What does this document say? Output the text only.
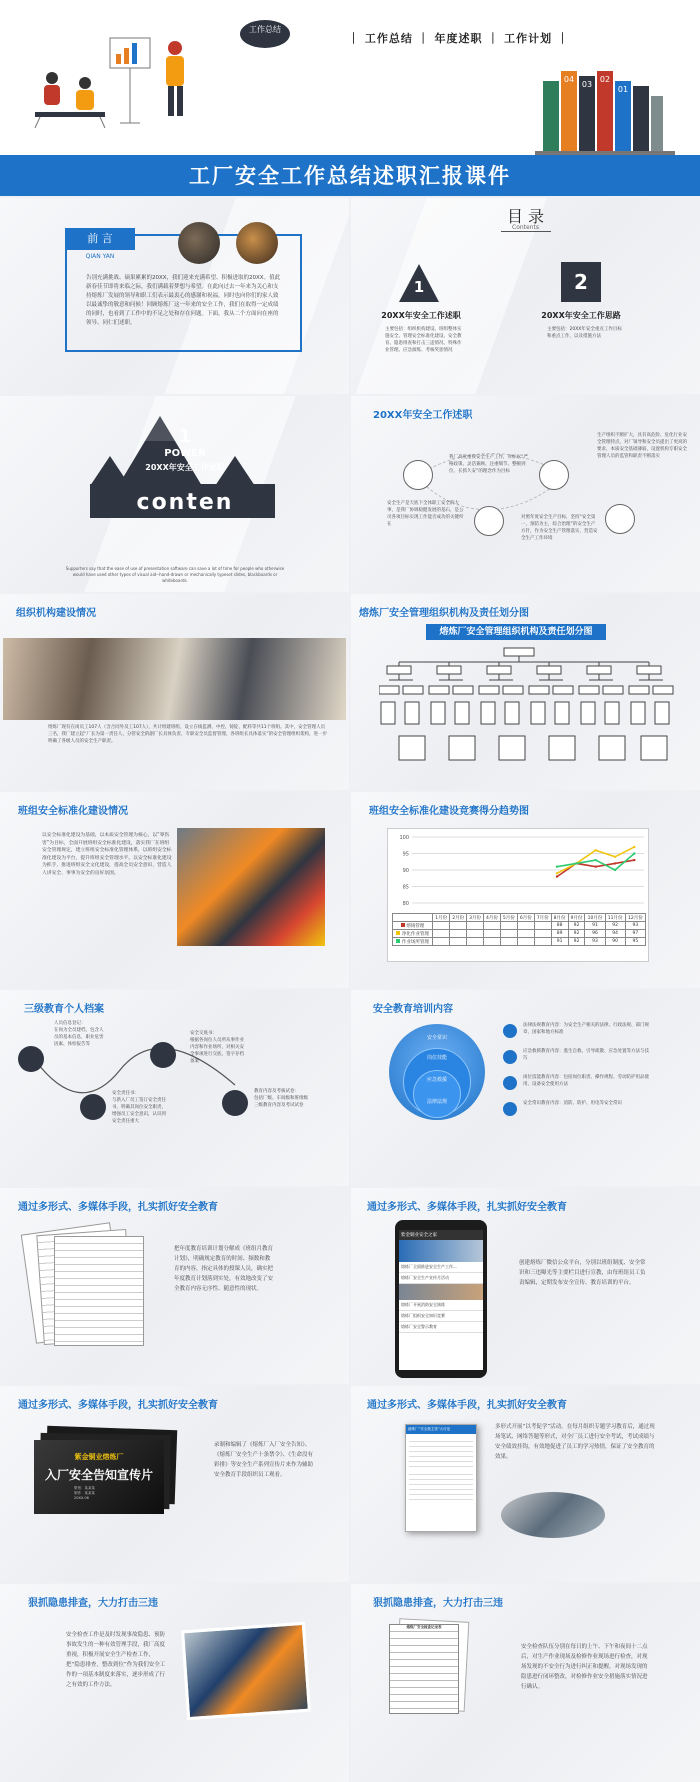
工作总结
｜ 工作总结 ｜ 年度述职 ｜ 工作计划 ｜
04
03
02
01
工厂安全工作总结述职汇报课件
前 言
QIAN YAN
告别充满挑战、硕果累累的20XX，我们迎来充满希望、积极进取的20XX。值此新春佳节即将来临之际，我们满载着梦想与希望。在此向过去一年来为关心和支持熔炼厂发展的领导和职工们表示最衷心的感谢和祝福。同时也向你们的家人致以最诚挚的敬意和问候！回顾熔炼厂这一年来的安全工作，我们在取得一定成绩的同时，也看到了工作中的不足之处和存在问题。下面，我从二个方面向在座的领导、同仁们述职。
目 录
Contents
1	2
20XX年安全工作述职	20XX年安全工作思路
主要包括：组织机构建设、班组整体实施安全、管理安全标准化建设、安全教育、隐患排查和打击三违情况、特殊作业管理、应急演练、考核奖惩情况
主要包括：20XX年安全重点工作目标和重点工作，以及措施方法
1
POWER
20XX年安全工作述职
conten
Supporters say that the ease of use of presentation software can save a lot of time for people who otherwise would have used other types of visual aid--hand-drawn or mechanically typeset slides, blackboards or whiteboards.
20XX年安全工作述职
我厂高度重视安全生产工作，对标以“严格政策、灵活兼顾、注重细节、整顿到位、长抓久安”的理念作为目标
生产组织不断扩大，具有高危险、危化行业安全管理特点，对厂领导和安全员提出了更高的要求，本质安全基础薄弱，设置机构专职安全管理人员的监管和职责不断落实
安全生产是天底下全体职工安全的大事，是我厂协调稳健发展的基石，是公司各项目标实现工作能否成功的关键所在
对照年度安全生产目标，坚持“安全第一，预防为主，综合治理”的安全生产方针，作为安全生产管理落实，营造安全生产工作环境
组织机构建设情况
熔炼厂现有在岗员工107人（含合同外员工107人），共计组建班组，设立在线监测、中控、铸锭、配料等共11个班组。其中，安全管理人员三名，我厂建立起“厂长为第一责任人、分管安全的副厂长具体负责、专职安全员监督管理、各班组长具体落实”的安全管理组织架构，进一步明确了各级人员的安全生产职责。
熔炼厂安全管理组织机构及责任划分图
熔炼厂安全管理组织机构及责任划分图
班组安全标准化建设情况
以安全标准化建设为基础，以本质安全管理为核心，以“零伤害”为目标，全面开展班组安全标准化建设，落实我厂在班组安全管理规定，建立班组安全标准化管理体系，以班组安全标准化建设为平台，提升班组安全管理水平。以安全标准化建设为抓手，推进班组安全文化建设，提高全员安全意识，营造人人讲安全、事事为安全的良好氛围。
班组安全标准化建设竞赛得分趋势图
100
95
90
85
80
	1月份	2月份	3月份	4月份	5月份	6月份	7月份	8月份	9月份	10月份	11月份	12月份
熔铸管理								88	92	91	92	93
净化作业管理								89	92	96	94	97
作业场所管理								91	92	93	90	95
三级教育个人档案
人员信息登记：
在岗为全员建档，包含人员的基本信息，职业危害因素、体检报告等
安全交底书：
根据各岗位人员所从事作业内容和作业场所，对相关安全事项进行交底，签字存档备案
安全责任书：
与新入厂员工签订安全责任书，明确其岗位安全职责，增强员工安全意识，认识到安全责任重大
教育内容及考核试卷：
包括厂级、车间级和班组级三级教育内容及考试试卷
安全教育培训内容
安全常识
岗位技能
应急救援
法律法规
法律法规教育内容：为安全生产相关的法律、行政法规、部门规章，国家和地方标准
应急救援教育内容：逃生自救、引导疏散、应急处置等方法与技巧
岗位技能教育内容：包括岗位职责、操作规程、劳动防护用品使用、设备安全使用方法
安全常识教育内容：消防、防护、用电等安全常识
通过多形式、多媒体手段，扎实抓好安全教育
把年度教育培训计划分解成《班组月教育计划》，明确规定教育的时间、频数和教育的内容，指定具体的授课人员，确实把年度教育计划落到实处，有效地改变了安全教育内容无序性、随意性的现状。
通过多形式、多媒体手段，扎实抓好安全教育
紫金铜业安全之家
熔炼厂全面推进安全生产工作...
熔炼厂安全生产宣传月活动
熔炼厂开展消防安全演练
熔炼厂组织安全知识竞赛
熔炼厂安全警示教育
创建熔炼厂微信公众平台，分别以班组制度、安全常识和三违曝光等主要栏目进行宣教，由每班组员工负责编辑，定期发布安全宣传、教育培训的平台。
通过多形式、多媒体手段，扎实抓好安全教育
紫金铜业熔炼厂
入厂安全告知宣传片
策划：某某某
制作：某某某
20XX.06
录制和编辑了《熔炼厂入厂安全告知》、《熔炼厂安全生产十条禁令》、《生命没有彩排》等安全生产系列宣传片来作为辅助安全教育手段组织员工观看。
通过多形式、多媒体手段，扎实抓好安全教育
熔炼厂“安全我主张”大讨论	多形式开展“以考促学”活动。在每月组织专题学习教育后，通过现场笔试、网络答题等形式，对全厂员工进行安全考试，考试成绩与安全绩效挂钩，有效地促进了员工的学习热情，保证了安全教育的效果。
狠抓隐患排查，大力打击三违
安全检查工作是及时发现事故隐患、预防事故发生的一种有效管理手段，我厂高度重视，积极开展安全生产检查工作，把“隐患排查，整改到位”作为我们安全工作的一项基本制度来落实，逐步形成了行之有效的工作方法。
狠抓隐患排查，大力打击三违
熔炼厂安全检查记录表
安全检查队伍分别在每日的上午、下午和夜间十二点后，对生产作业现场及检修作业现场进行检查，对现场发现的不安全行为进行纠正和提醒，对现场发现的隐患进行闭环整改，对检修作业安全措施落实情况进行确认。
